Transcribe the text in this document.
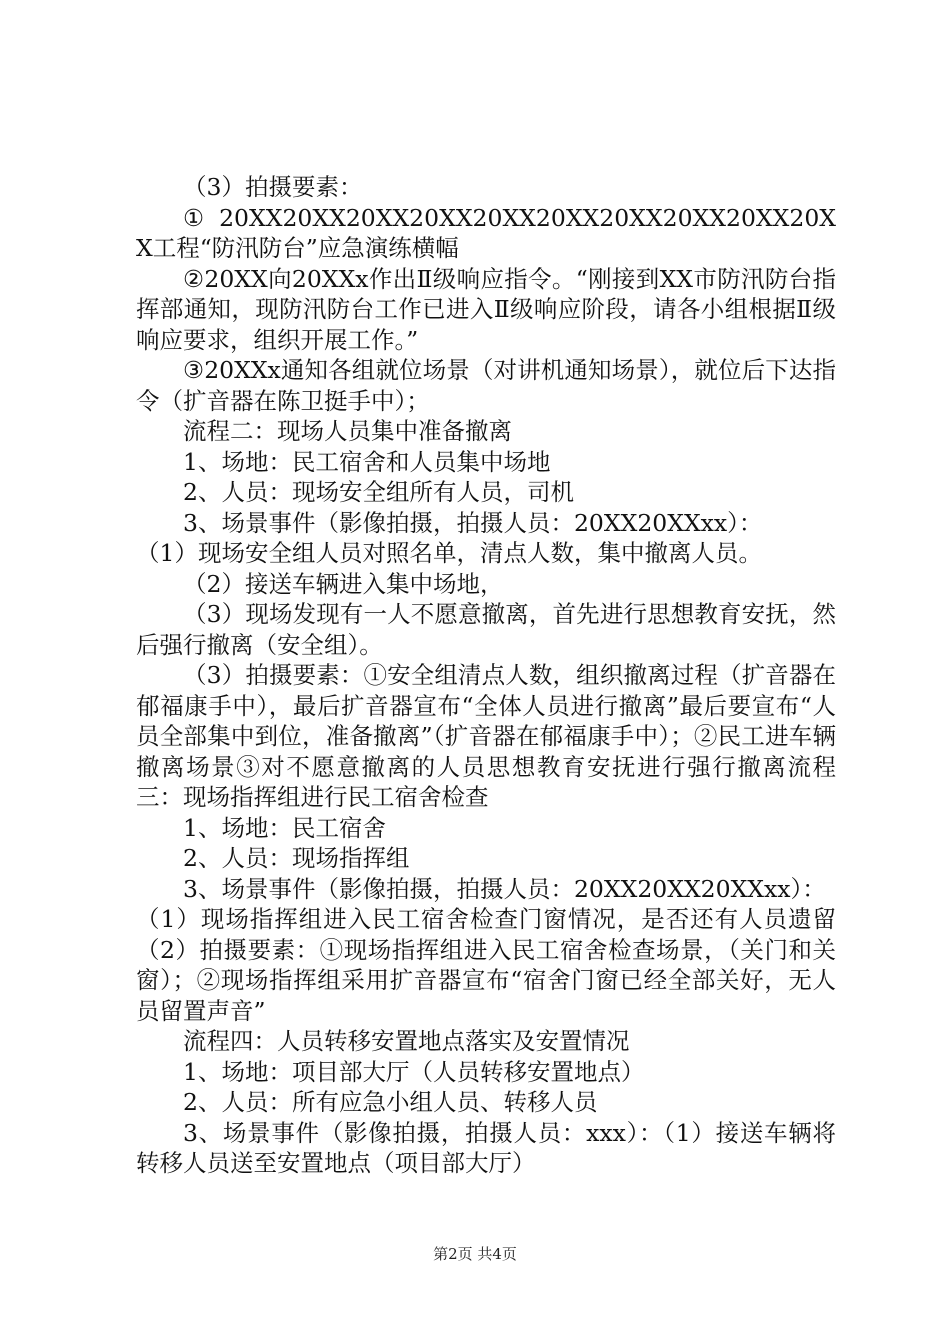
（3）拍摄要素：

①20XX20XX20XX20XX20XX20XX20XX20XX20XX20XX工程“防汛防台”应急演练横幅

②20XX向20XXx作出Ⅱ级响应指令。“刚接到XX市防汛防台指挥部通知，现防汛防台工作已进入Ⅱ级响应阶段，请各小组根据Ⅱ级响应要求，组织开展工作。”

③20XXx通知各组就位场景（对讲机通知场景），就位后下达指令（扩音器在陈卫挺手中）；

流程二：现场人员集中准备撤离

1、场地：民工宿舍和人员集中场地

2、人员：现场安全组所有人员，司机

3、场景事件（影像拍摄，拍摄人员：20XX20XXxx）：

（1）现场安全组人员对照名单，清点人数，集中撤离人员。

（2）接送车辆进入集中场地，

（3）现场发现有一人不愿意撤离，首先进行思想教育安抚，然后强行撤离（安全组）。

（3）拍摄要素：①安全组清点人数，组织撤离过程（扩音器在郁福康手中），最后扩音器宣布“全体人员进行撤离”最后要宣布“人员全部集中到位，准备撤离”（扩音器在郁福康手中）；②民工进车辆撤离场景③对不愿意撤离的人员思想教育安抚进行强行撤离流程三：现场指挥组进行民工宿舍检查

1、场地：民工宿舍

2、人员：现场指挥组

3、场景事件（影像拍摄，拍摄人员：20XX20XX20XXxx）：

（1）现场指挥组进入民工宿舍检查门窗情况，是否还有人员遗留（2）拍摄要素：①现场指挥组进入民工宿舍检查场景，（关门和关窗）；②现场指挥组采用扩音器宣布“宿舍门窗已经全部关好，无人员留置声音”

流程四：人员转移安置地点落实及安置情况

1、场地：项目部大厅（人员转移安置地点）

2、人员：所有应急小组人员、转移人员

3、场景事件（影像拍摄，拍摄人员：xxx）：（1）接送车辆将转移人员送至安置地点（项目部大厅）

第2页 共4页
